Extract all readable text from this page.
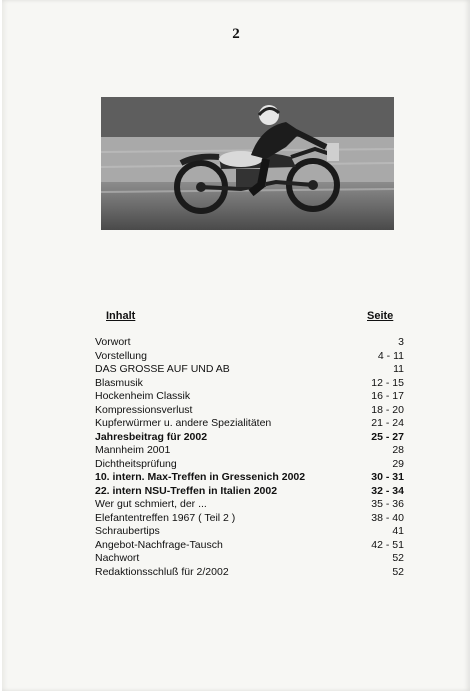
2
Inhalt	Seite
Vorwort	3
Vorstellung	4 - 11
DAS GROSSE AUF UND AB	11
Blasmusik	12 - 15
Hockenheim Classik	16 - 17
Kompressionsverlust	18 - 20
Kupferwürmer u. andere Spezialitäten	21 - 24
Jahresbeitrag für 2002	25 - 27
Mannheim 2001	28
Dichtheitsprüfung	29
10. intern. Max-Treffen in Gressenich 2002	30 - 31
22. intern NSU-Treffen in Italien 2002	32 - 34
Wer gut schmiert, der ...	35 - 36
Elefantentreffen 1967 ( Teil 2 )	38 - 40
Schraubertips	41
Angebot-Nachfrage-Tausch	42 - 51
Nachwort	52
Redaktionsschluß für 2/2002	52
